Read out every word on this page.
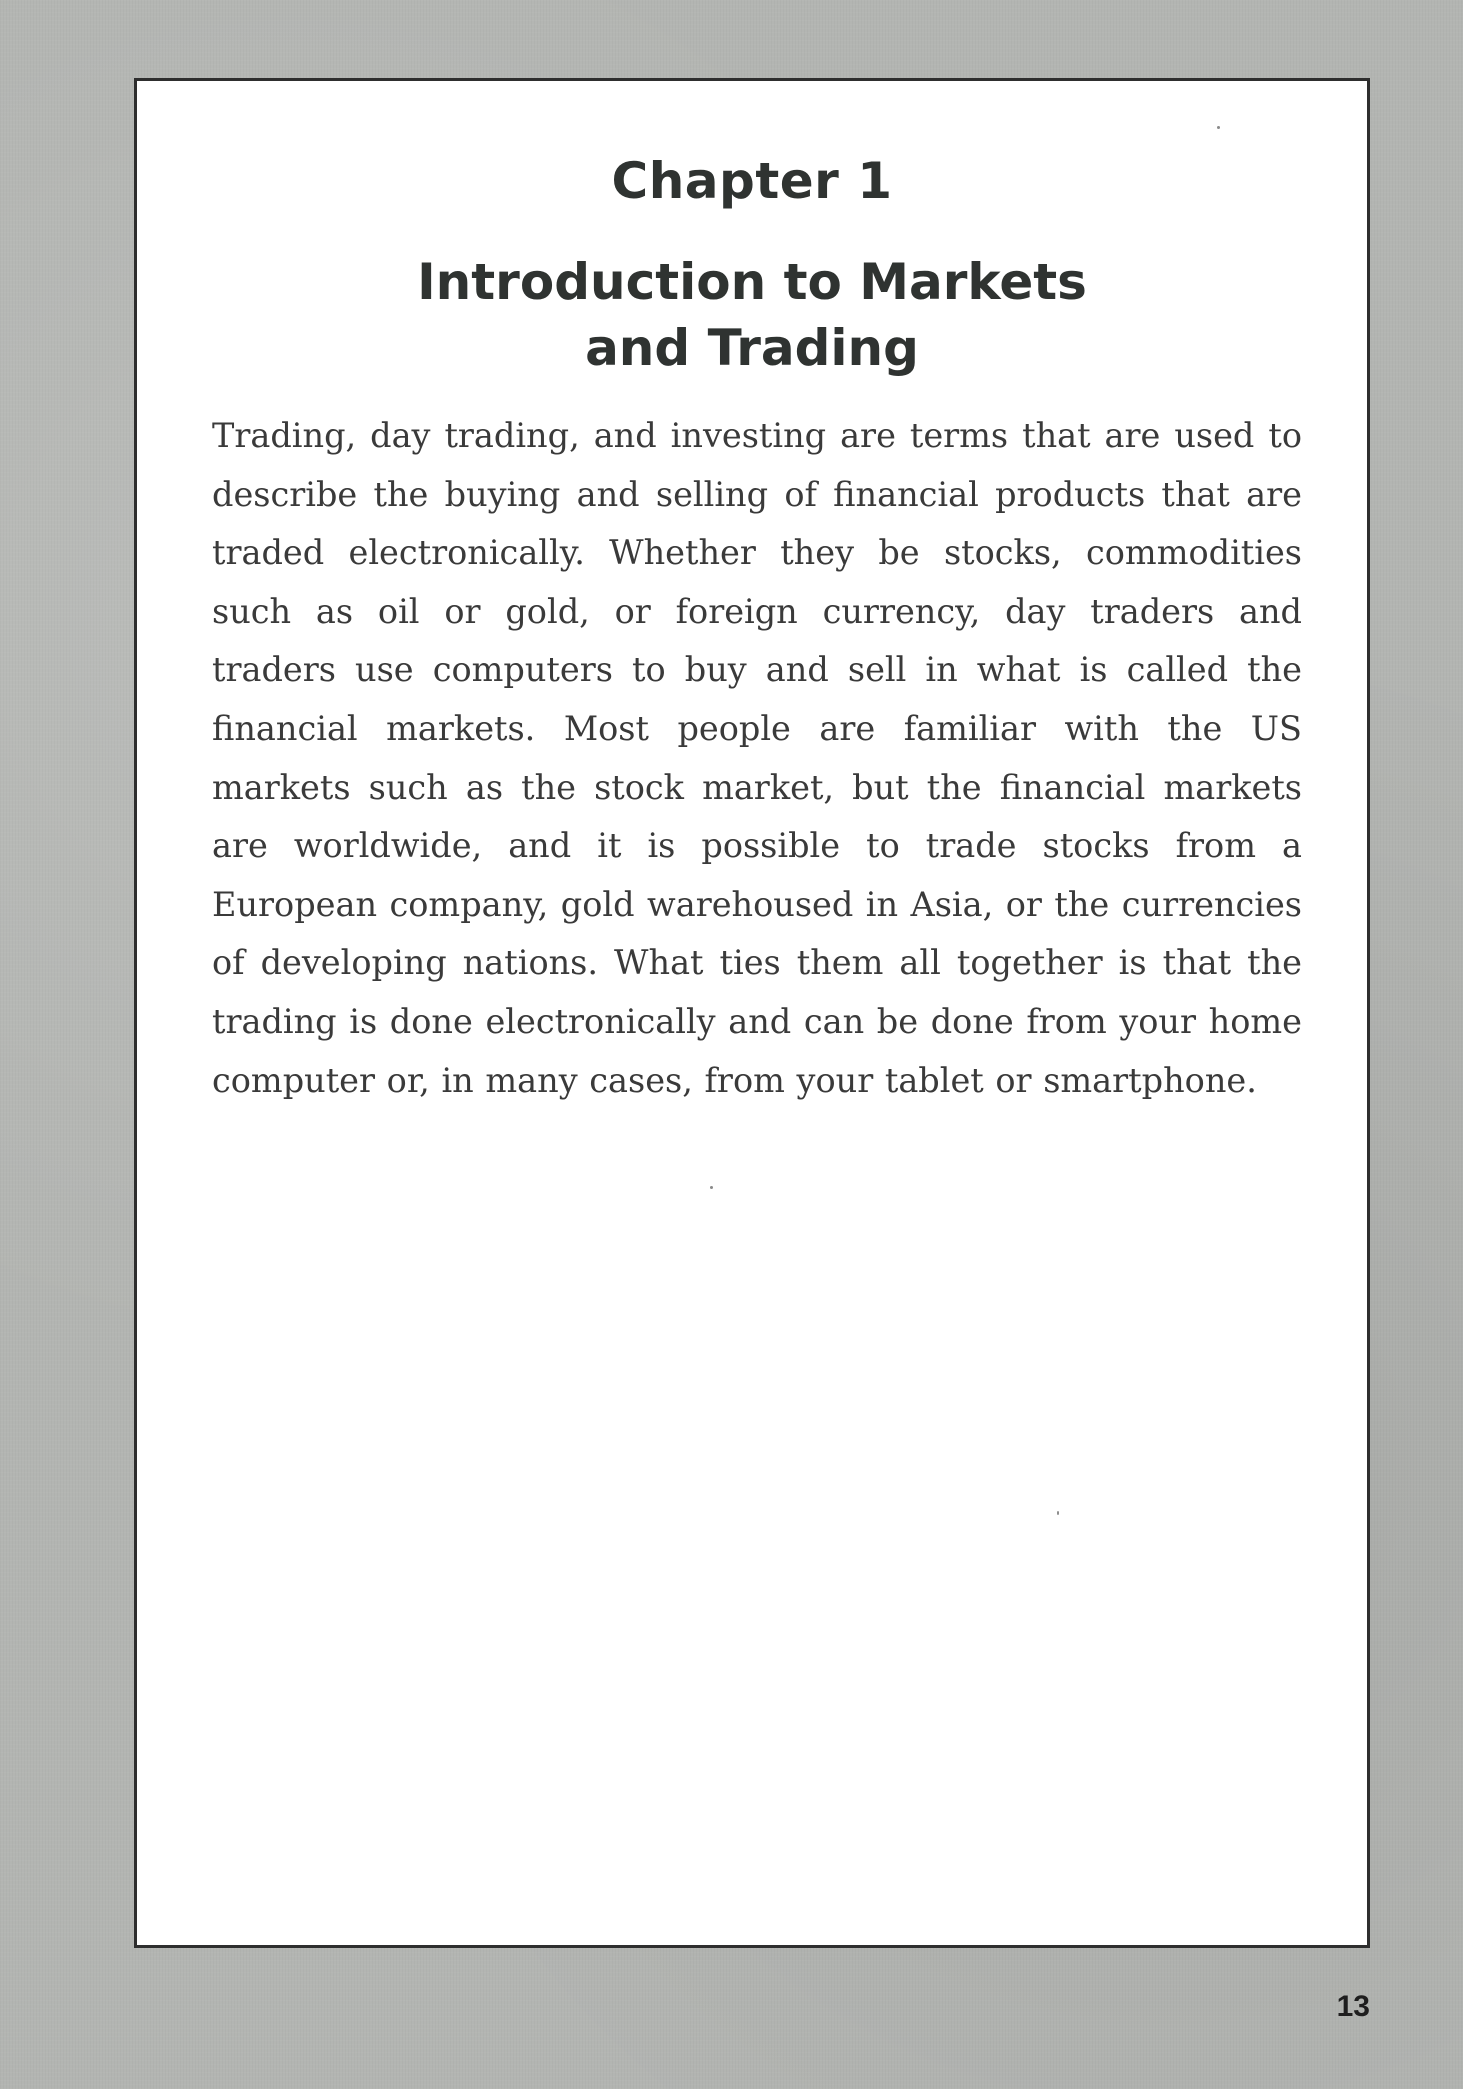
Chapter 1
Introduction to Markets
and Trading

Trading, day trading, and investing are terms that are used to describe the buying and selling of financial products that are traded electronically. Whether they be stocks, commodities such as oil or gold, or foreign currency, day traders and traders use computers to buy and sell in what is called the financial markets. Most people are familiar with the US markets such as the stock market, but the financial markets are worldwide, and it is possible to trade stocks from a European company, gold warehoused in Asia, or the currencies of developing nations. What ties them all together is that the trading is done electronically and can be done from your home computer or, in many cases, from your tablet or smartphone.

13
